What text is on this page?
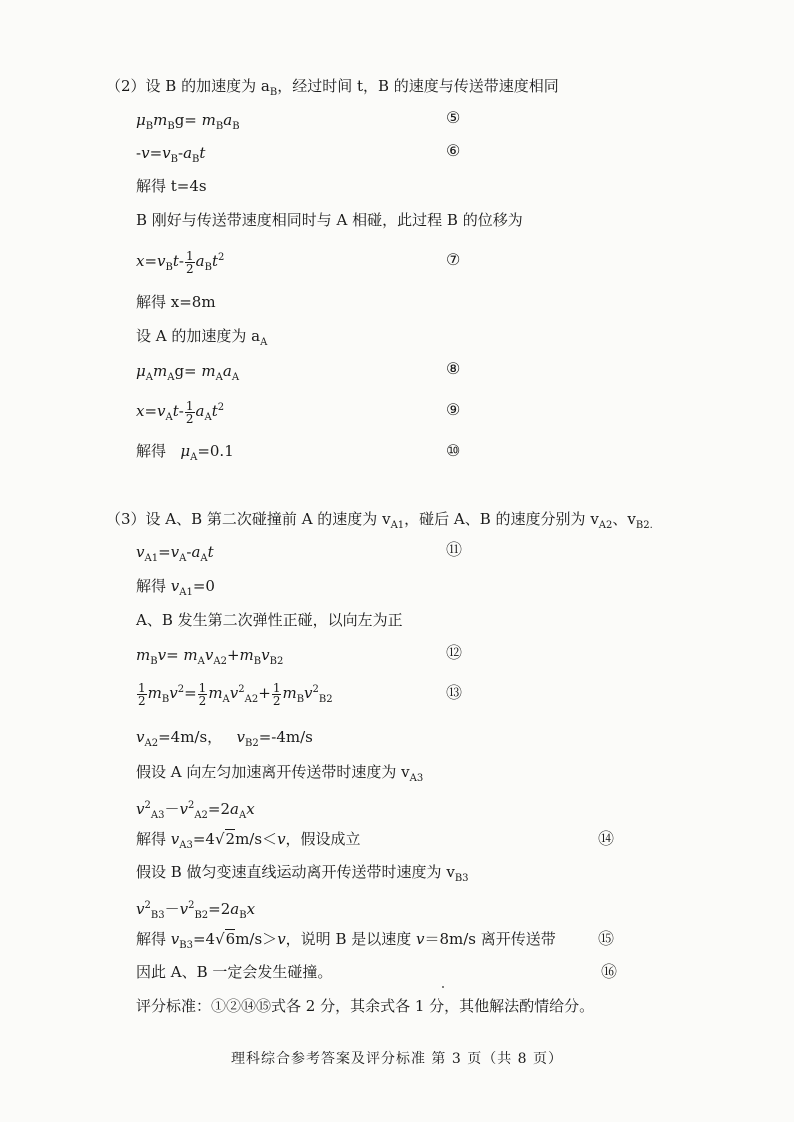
（2）设 B 的加速度为 $a_B$，经过时间 t，B 的速度与传送带速度相同
$\mu_Bm_Bg= m_Ba_B$	⑤
$-v=v_B-a_Bt$	⑥
解得 t=4s
B 刚好与传送带速度相同时与 A 相碰，此过程 B 的位移为
$x=v_Bt- \frac{1}{2} a_Bt^2$	⑦
解得 x=8m
设 A 的加速度为 $a_A$
$\mu_Am_Ag= m_Aa_A$	⑧
$x=v_At- \frac{1}{2} a_At^2$	⑨
解得 $\mu_A=0.1$	⑩
（3）设 A、B 第二次碰撞前 A 的速度为 $v_{A1}$，碰后 A、B 的速度分别为 $v_{A2}$、$v_{B2.}$
$v_{A1}=v_A-a_At$	⑪
解得 $v_{A1}=0$
A、B 发生第二次弹性正碰，以向左为正
$m_Bv= m_Av_{A2}+m_Bv_{B2}$	⑫
$\frac{1}{2} m_Bv^2= \frac{1}{2} m_Av^2_{A2}+ \frac{1}{2} m_Bv^2_{B2}$	⑬
$v_{A2}=4m/s$，   $v_{B2}=-4m/s$
假设 A 向左匀加速离开传送带时速度为 $v_{A3}$
$v^2_{A3}-v^2_{A2}=2a_Ax$
解得 $v_{A3}=4√2m/s<v$，假设成立	⑭
假设 B 做匀变速直线运动离开传送带时速度为 $v_{B3}$
$v^2_{B3}-v^2_{B2}=2a_Bx$
解得 $v_{B3}=4√6m/s>v$，说明 B 是以速度 v＝8m/s 离开传送带	⑮
因此 A、B 一定会发生碰撞。	⑯
评分标准：①②⑭⑮式各 2 分，其余式各 1 分，其他解法酌情给分。
理科综合参考答案及评分标准 第 3 页（共 8 页）
